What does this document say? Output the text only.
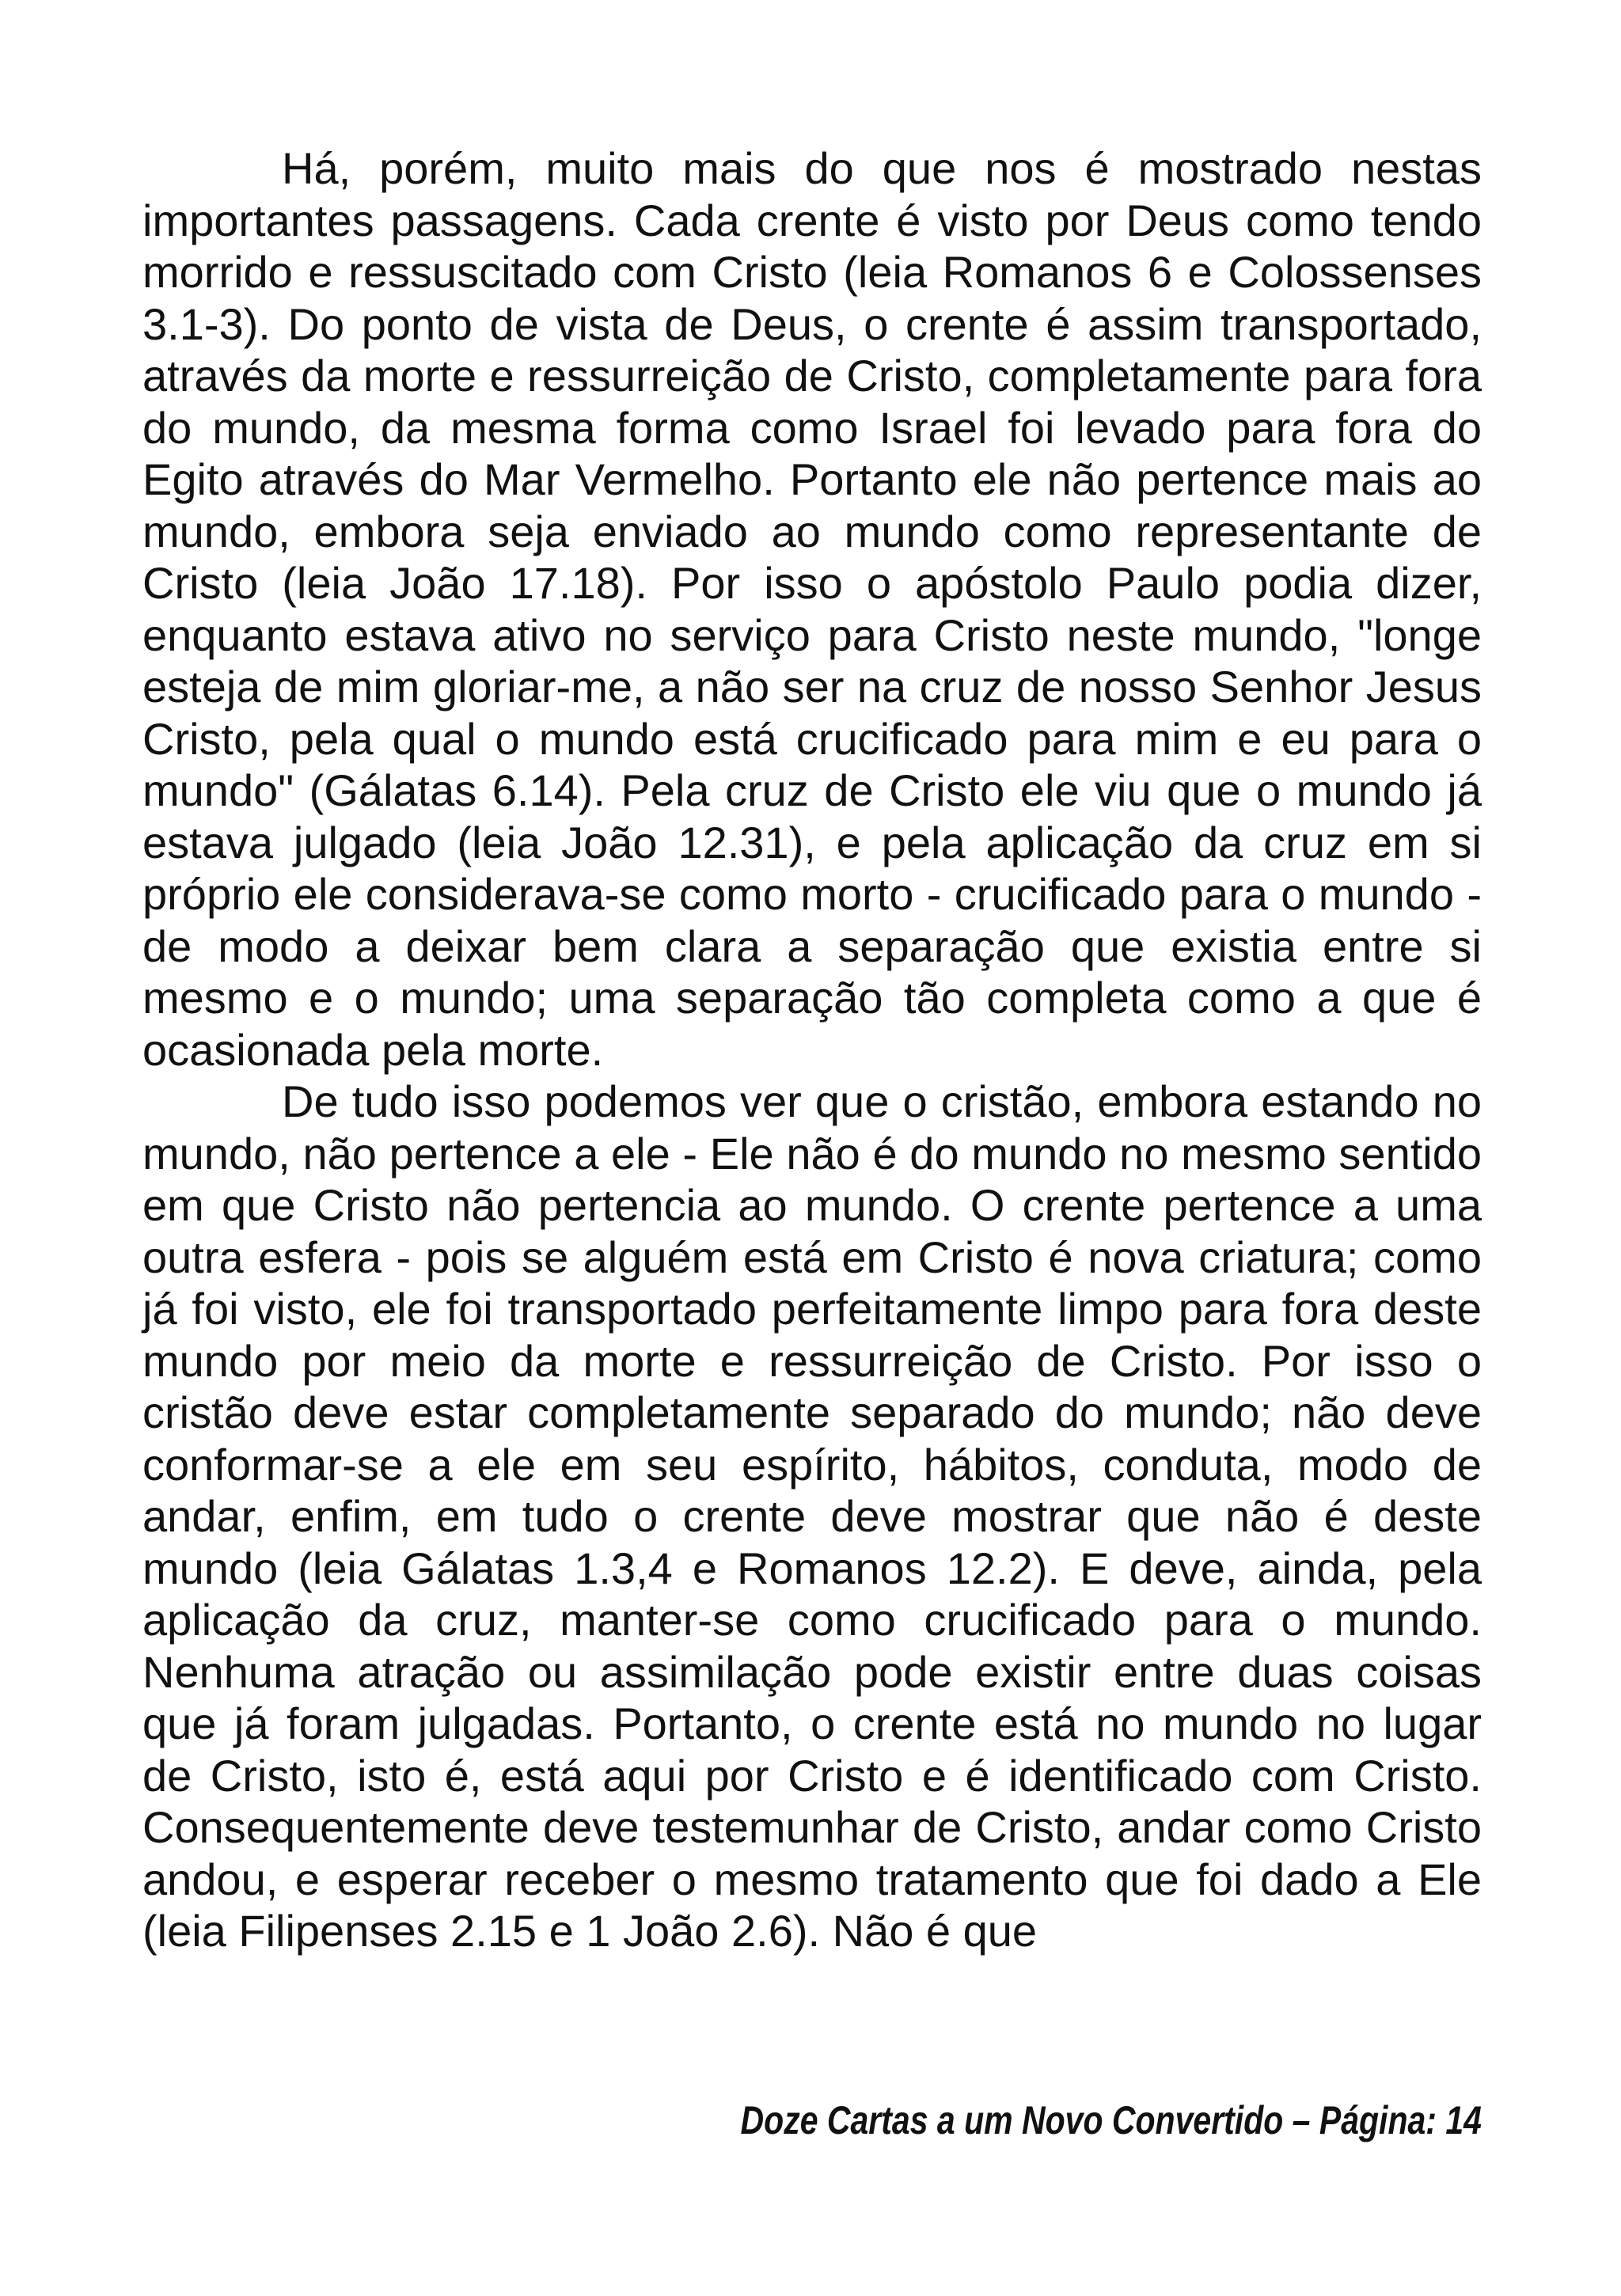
Há, porém, muito mais do que nos é mostrado nestas importantes passagens. Cada crente é visto por Deus como tendo morrido e ressuscitado com Cristo (leia Romanos 6 e Colossenses 3.1-3). Do ponto de vista de Deus, o crente é assim transportado, através da morte e ressurreição de Cristo, completamente para fora do mundo, da mesma forma como Israel foi levado para fora do Egito através do Mar Vermelho. Portanto ele não pertence mais ao mundo, embora seja enviado ao mundo como representante de Cristo (leia João 17.18). Por isso o apóstolo Paulo podia dizer, enquanto estava ativo no serviço para Cristo neste mundo, "longe esteja de mim gloriar-me, a não ser na cruz de nosso Senhor Jesus Cristo, pela qual o mundo está crucificado para mim e eu para o mundo" (Gálatas 6.14). Pela cruz de Cristo ele viu que o mundo já estava julgado (leia João 12.31), e pela aplicação da cruz em si próprio ele considerava-se como morto - crucificado para o mundo - de modo a deixar bem clara a separação que existia entre si mesmo e o mundo; uma separação tão completa como a que é ocasionada pela morte.

De tudo isso podemos ver que o cristão, embora estando no mundo, não pertence a ele - Ele não é do mundo no mesmo sentido em que Cristo não pertencia ao mundo. O crente pertence a uma outra esfera - pois se alguém está em Cristo é nova criatura; como já foi visto, ele foi transportado perfeitamente limpo para fora deste mundo por meio da morte e ressurreição de Cristo. Por isso o cristão deve estar completamente separado do mundo; não deve conformar-se a ele em seu espírito, hábitos, conduta, modo de andar, enfim, em tudo o crente deve mostrar que não é deste mundo (leia Gálatas 1.3,4 e Romanos 12.2). E deve, ainda, pela aplicação da cruz, manter-se como crucificado para o mundo. Nenhuma atração ou assimilação pode existir entre duas coisas que já foram julgadas. Portanto, o crente está no mundo no lugar de Cristo, isto é, está aqui por Cristo e é identificado com Cristo. Consequentemente deve testemunhar de Cristo, andar como Cristo andou, e esperar receber o mesmo tratamento que foi dado a Ele (leia Filipenses 2.15 e 1 João 2.6). Não é que

Doze Cartas a um Novo Convertido – Página: 14
